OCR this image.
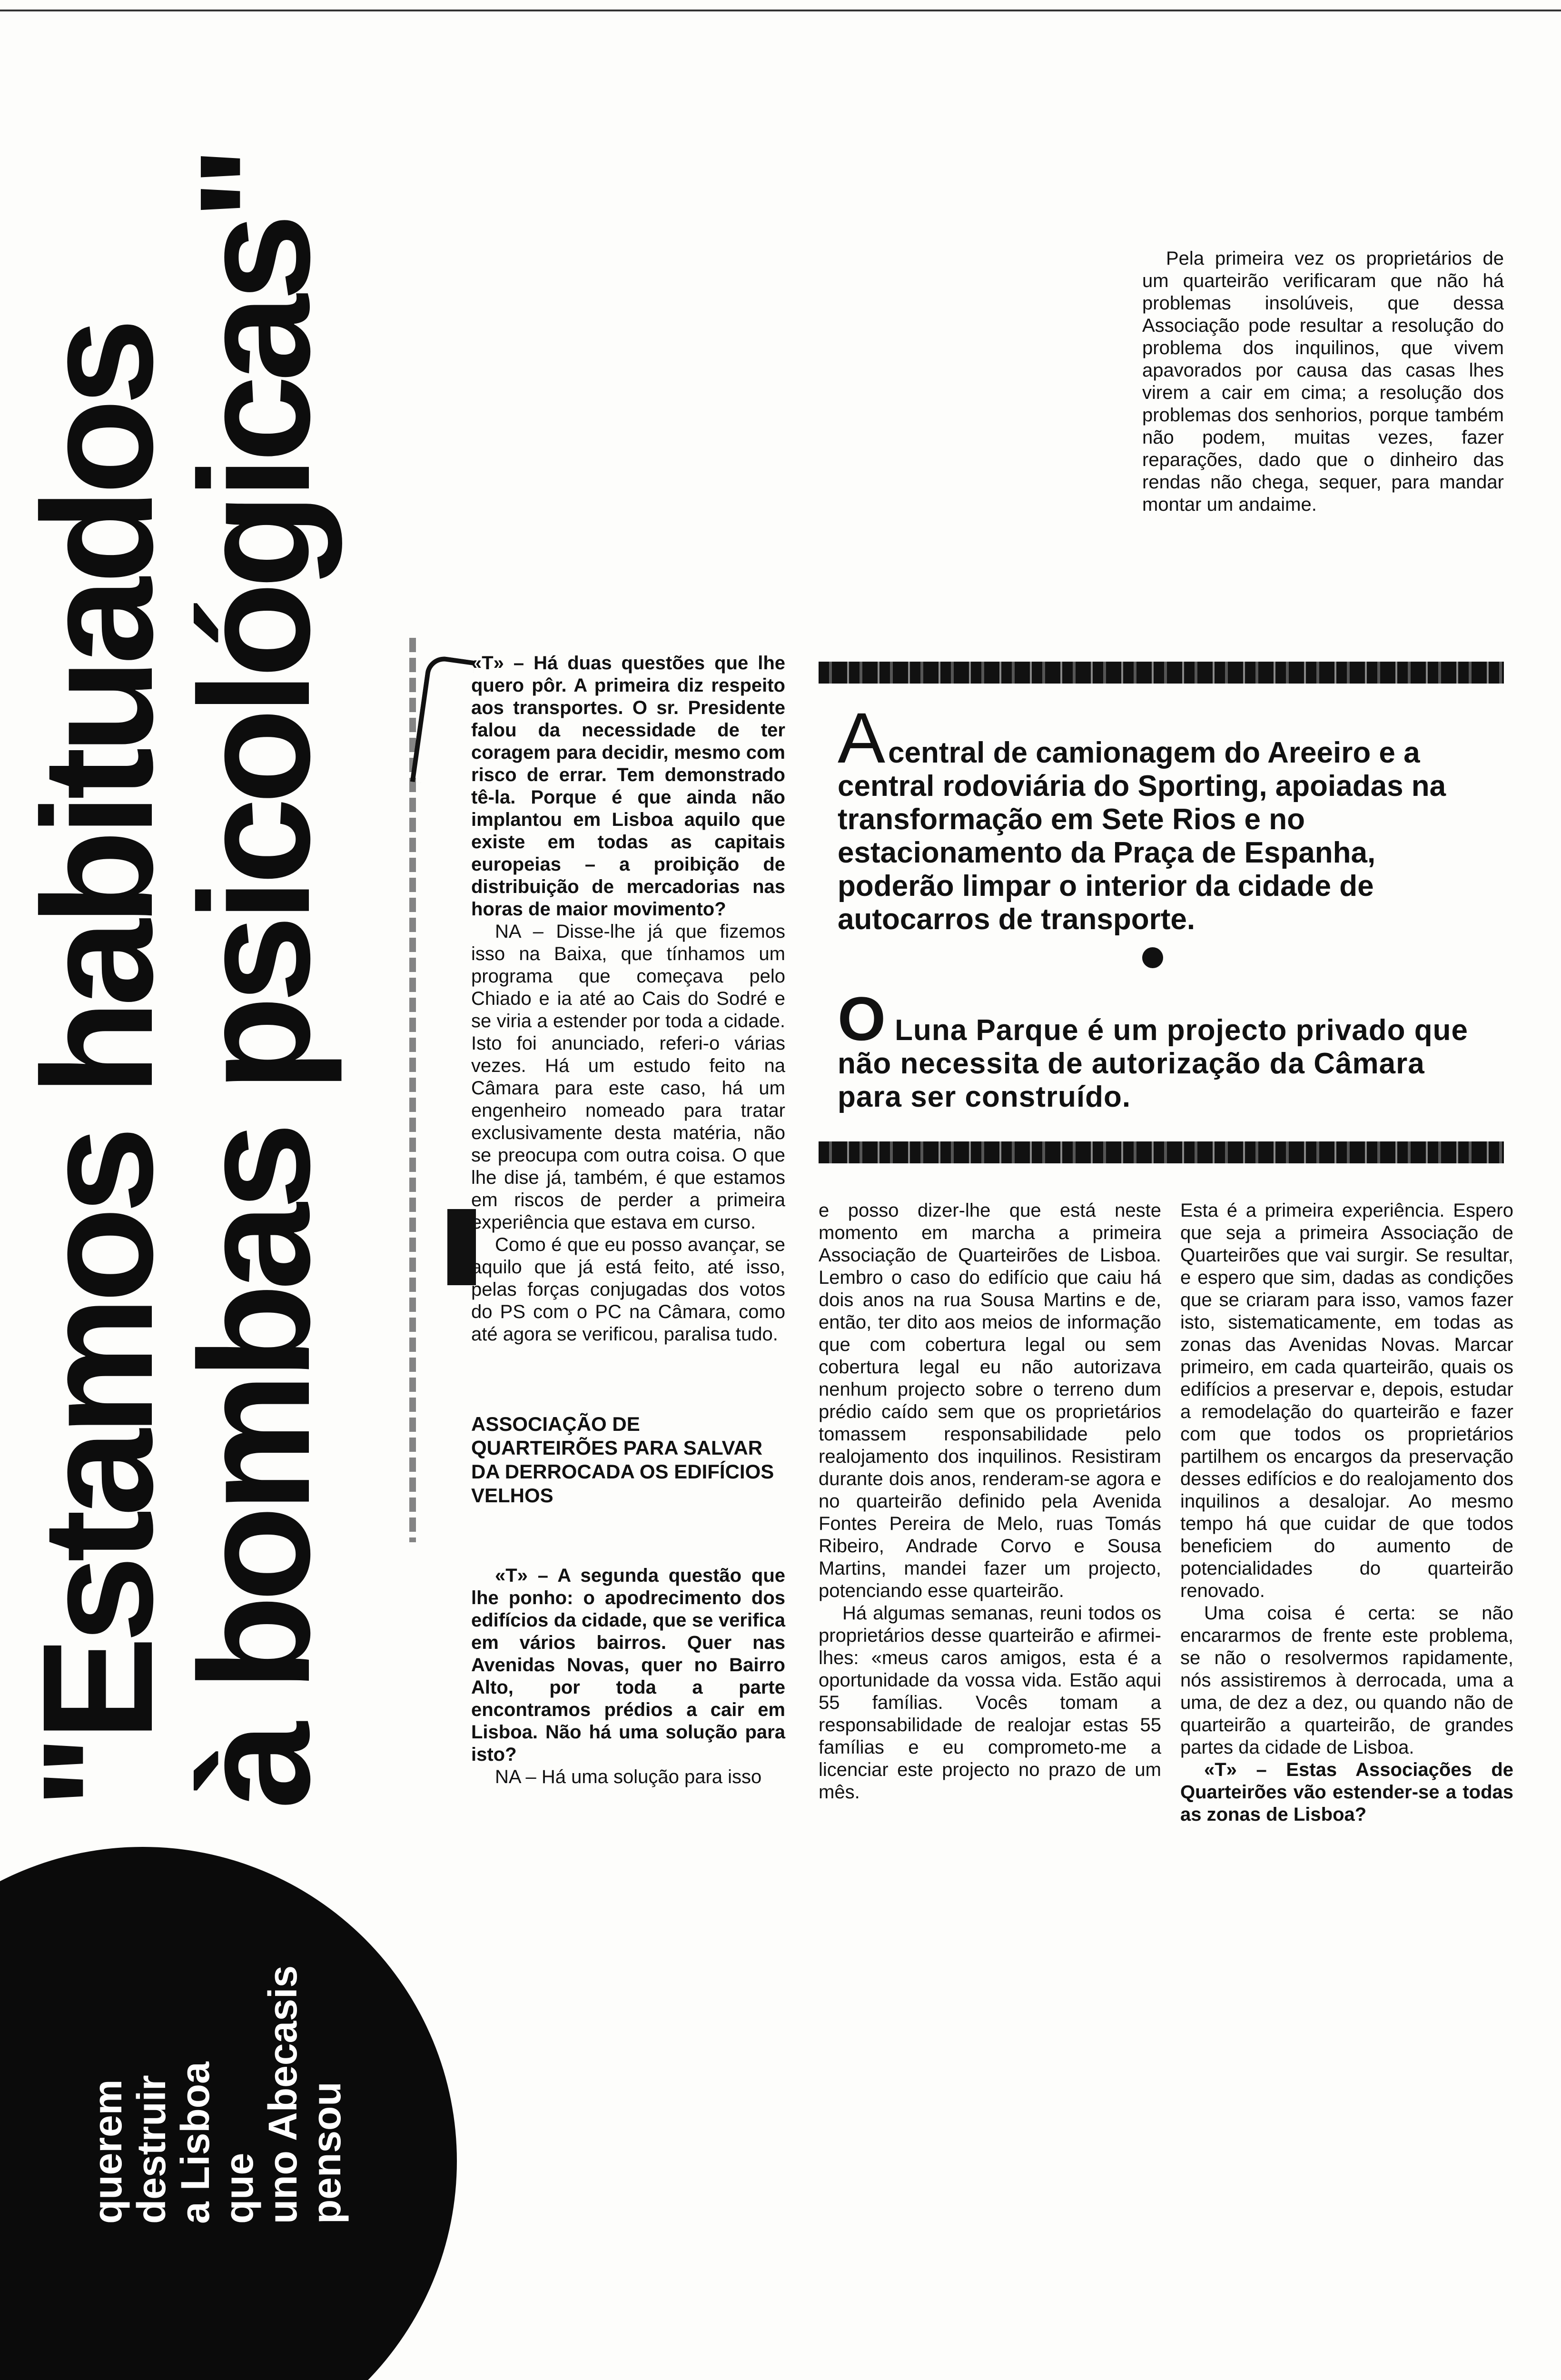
"Estamos habituados
à bombas psicológicas"	Pela primeira vez os proprietários de um quarteirão verificaram que não há problemas insolúveis, que dessa Associação pode resultar a resolução do problema dos inquilinos, que vivem apavorados por causa das casas lhes virem a cair em cima; a resolução dos problemas dos senhorios, porque também não podem, muitas vezes, fazer reparações, dado que o dinheiro das rendas não chega, sequer, para mandar montar um andaime.

Acentral de camionagem do Areeiro e a central rodoviária do Sporting, apoiadas na transformação em Sete Rios e no estacionamento da Praça de Espanha, poderão limpar o interior da cidade de autocarros de transporte.
O Luna Parque é um projecto privado que não necessita de autorização da Câmara para ser construído.

«T» – Há duas questões que lhe quero pôr. A primeira diz respeito aos transportes. O sr. Presidente falou da necessidade de ter coragem para decidir, mesmo com risco de errar. Tem demonstrado tê-la. Porque é que ainda não implantou em Lisboa aquilo que existe em todas as capitais europeias – a proibição de distribuição de mercadorias nas horas de maior movimento?

NA – Disse-lhe já que fizemos isso na Baixa, que tínhamos um programa que começava pelo Chiado e ia até ao Cais do Sodré e se viria a estender por toda a cidade. Isto foi anunciado, referi-o várias vezes. Há um estudo feito na Câmara para este caso, há um engenheiro nomeado para tratar exclusivamente desta matéria, não se preocupa com outra coisa. O que lhe dise já, também, é que estamos em riscos de perder a primeira experiência que estava em curso.

Como é que eu posso avançar, se aquilo que já está feito, até isso, pelas forças conjugadas dos votos do PS com o PC na Câmara, como até agora se verificou, paralisa tudo.

ASSOCIAÇÃO DE QUARTEIRÕES PARA SALVAR DA DERROCADA OS EDIFÍCIOS VELHOS

«T» – A segunda questão que lhe ponho: o apodrecimento dos edifícios da cidade, que se verifica em vários bairros. Quer nas Avenidas Novas, quer no Bairro Alto, por toda a parte encontramos prédios a cair em Lisboa. Não há uma solução para isto?

NA – Há uma solução para isso

e posso dizer-lhe que está neste momento em marcha a primeira Associação de Quarteirões de Lisboa. Lembro o caso do edifício que caiu há dois anos na rua Sousa Martins e de, então, ter dito aos meios de informação que com cobertura legal ou sem cobertura legal eu não autorizava nenhum projecto sobre o terreno dum prédio caído sem que os proprietários tomassem responsabilidade pelo realojamento dos inquilinos. Resistiram durante dois anos, renderam-se agora e no quarteirão definido pela Avenida Fontes Pereira de Melo, ruas Tomás Ribeiro, Andrade Corvo e Sousa Martins, mandei fazer um projecto, potenciando esse quarteirão.

Há algumas semanas, reuni todos os proprietários desse quarteirão e afirmei-lhes: «meus caros amigos, esta é a oportunidade da vossa vida. Estão aqui 55 famílias. Vocês tomam a responsabilidade de realojar estas 55 famílias e eu comprometo-me a licenciar este projecto no prazo de um mês.

Esta é a primeira experiência. Espero que seja a primeira Associação de Quarteirões que vai surgir. Se resultar, e espero que sim, dadas as condições que se criaram para isso, vamos fazer isto, sistematicamente, em todas as zonas das Avenidas Novas. Marcar primeiro, em cada quarteirão, quais os edifícios a preservar e, depois, estudar a remodelação do quarteirão e fazer com que todos os proprietários partilhem os encargos da preservação desses edifícios e do realojamento dos inquilinos a desalojar. Ao mesmo tempo há que cuidar de que todos beneficiem do aumento de potencialidades do quarteirão renovado.

Uma coisa é certa: se não encararmos de frente este problema, se não o resolvermos rapidamente, nós assistiremos à derrocada, uma a uma, de dez a dez, ou quando não de quarteirão a quarteirão, de grandes partes da cidade de Lisboa.

«T» – Estas Associações de Quarteirões vão estender-se a todas as zonas de Lisboa?

querem
destruir
a Lisboa
que
uno Abecasis
pensou
